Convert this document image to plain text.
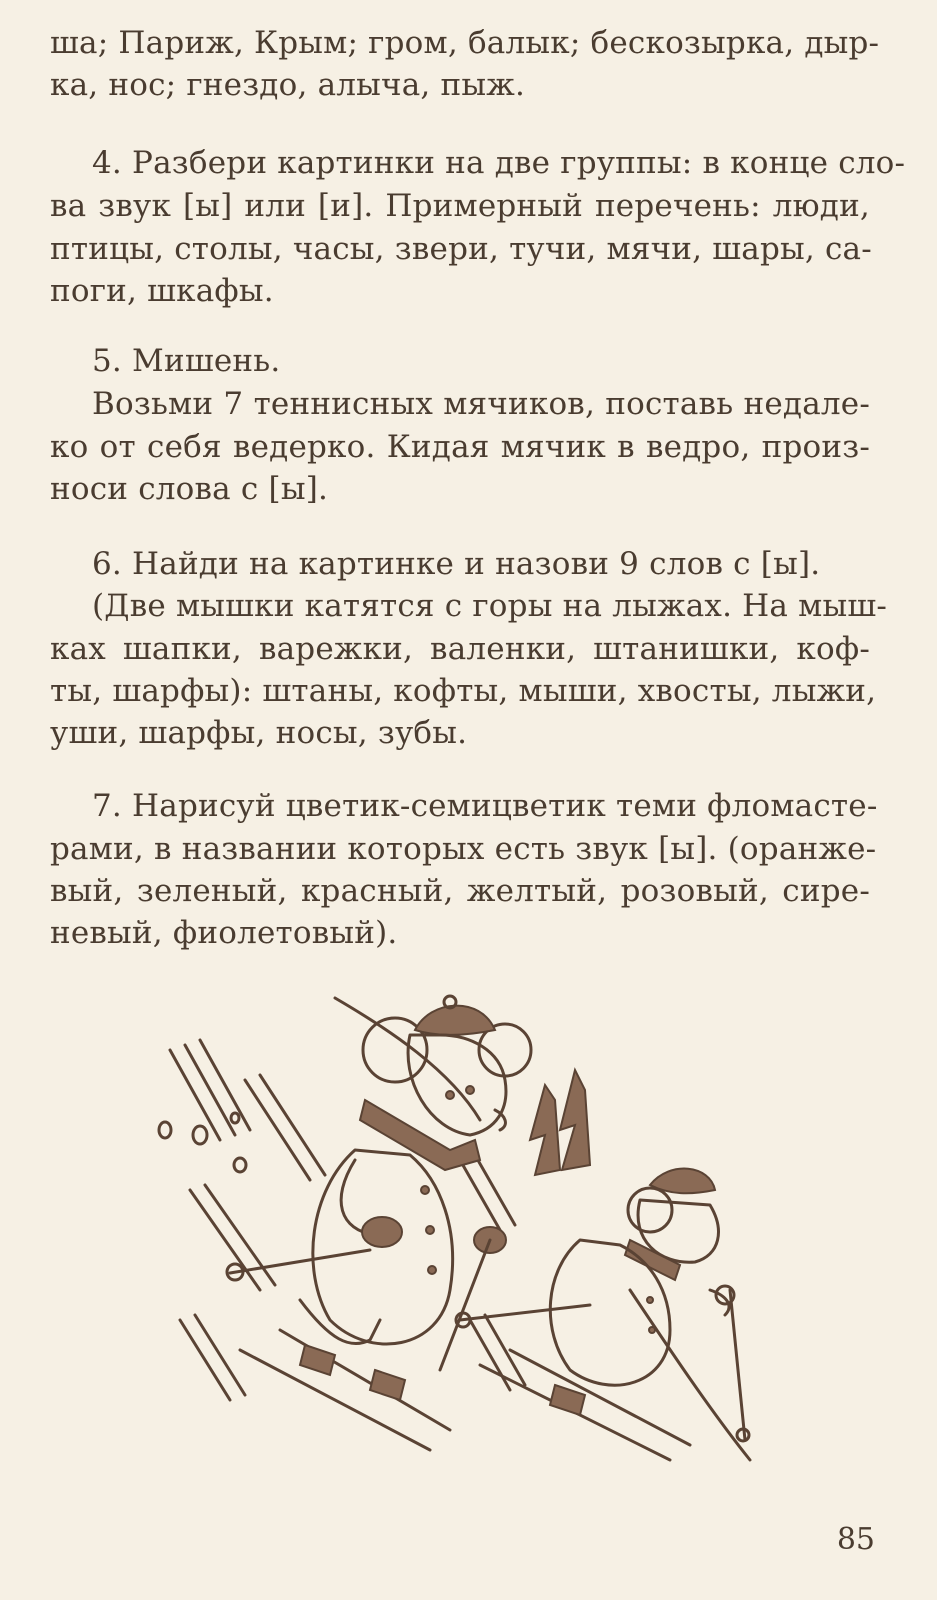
ша; Париж, Крым; гром, балык; бескозырка, дыр-
ка, нос; гнездо, алыча, пыж.
4. Разбери картинки на две группы: в конце сло-
ва звук [ы] или [и]. Примерный перечень: люди,
птицы, столы, часы, звери, тучи, мячи, шары, са-
поги, шкафы.
5. Мишень.
Возьми 7 теннисных мячиков, поставь недале-
ко от себя ведерко. Кидая мячик в ведро, произ-
носи слова с [ы].
6. Найди на картинке и назови 9 слов с [ы].
(Две мышки катятся с горы на лыжах. На мыш-
ках шапки, варежки, валенки, штанишки, коф-
ты, шарфы): штаны, кофты, мыши, хвосты, лыжи,
уши, шарфы, носы, зубы.
7. Нарисуй цветик-семицветик теми фломасте-
рами, в названии которых есть звук [ы]. (оранже-
вый, зеленый, красный, желтый, розовый, сире-
невый, фиолетовый).
85
